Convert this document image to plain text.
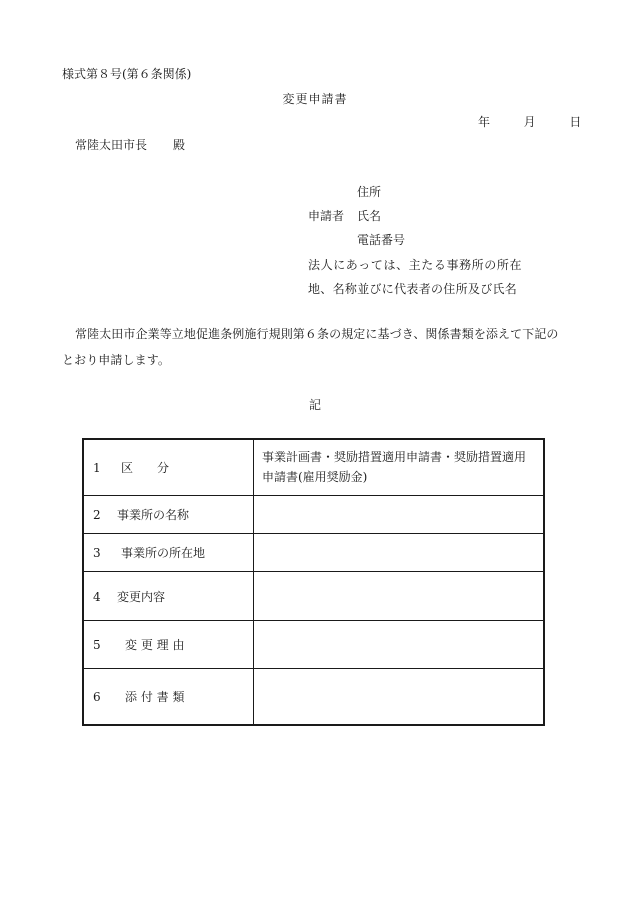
様式第８号(第６条関係)
変更申請書
年	月	日
常陸太田市長 殿
住所
申請者 氏名
電話番号
法人にあっては、主たる事務所の所在
地、名称並びに代表者の住所及び氏名

常陸太田市企業等立地促進条例施行規則第６条の規定に基づき、関係書類を添えて下記のとおり申請します。

記
1 区　　分	事業計画書・奨励措置適用申請書・奨励措置適用申請書(雇用奨励金)
2 事業所の名称	
3 事業所の所在地	
4 変更内容	
5 変 更 理 由	
6 添 付 書 類	
